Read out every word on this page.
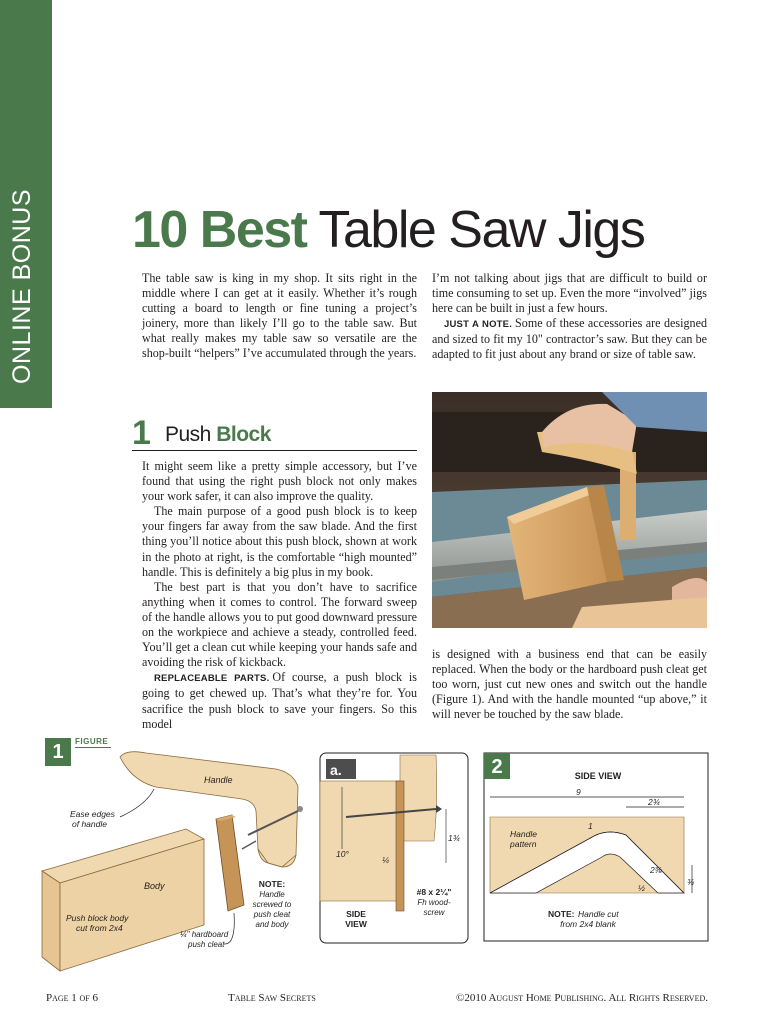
ONLINE BONUS 10 Best Table Saw Jigs

The table saw is king in my shop. It sits right in the middle where I can get at it easily. Whether it’s rough cutting a board to length or fine tuning a project’s joinery, more than likely I’ll go to the table saw. But what really makes my table saw so versatile are the shop-built “helpers” I’ve accumulated through the years.

I’m not talking about jigs that are difficult to build or time consuming to set up. Even the more “involved” jigs here can be built in just a few hours.

JUST A NOTE. Some of these accessories are designed and sized to fit my 10" contractor’s saw. But they can be adapted to fit just about any brand or size of table saw.

1 Push Block

It might seem like a pretty simple accessory, but I’ve found that using the right push block not only makes your work safer, it can also improve the quality.

The main purpose of a good push block is to keep your fingers far away from the saw blade. And the first thing you’ll notice about this push block, shown at work in the photo at right, is the comfortable “high mounted” handle. This is definitely a big plus in my book.

The best part is that you don’t have to sacrifice anything when it comes to control. The forward sweep of the handle allows you to put good downward pressure on the workpiece and achieve a steady, controlled feed. You’ll get a clean cut while keeping your hands safe and avoiding the risk of kickback.

REPLACEABLE PARTS. Of course, a push block is going to get chewed up. That’s what they’re for. You sacrifice the push block to save your fingers. So this model

is designed with a business end that can be easily replaced. When the body or the hardboard push cleat get too worn, just cut new ones and switch out the handle (Figure 1). And with the handle mounted “up above,” it will never be touched by the saw blade.

1	FIGURE
Handle
Ease edges
of handle
Body
Push block body
cut from 2x4
¼" hardboard
push cleat
NOTE:
Handle
screwed to
push cleat
and body
a.
10°
¼
1¾
#8 x 2¼"
Fh wood-
screw
SIDE
VIEW
2	SIDE VIEW
9
2¾
Handle
pattern
1
2⅜
½
¾
NOTE: Handle cut
from 2x4 blank
Page 1 of 6	Table Saw Secrets	©2010 August Home Publishing. All Rights Reserved.
